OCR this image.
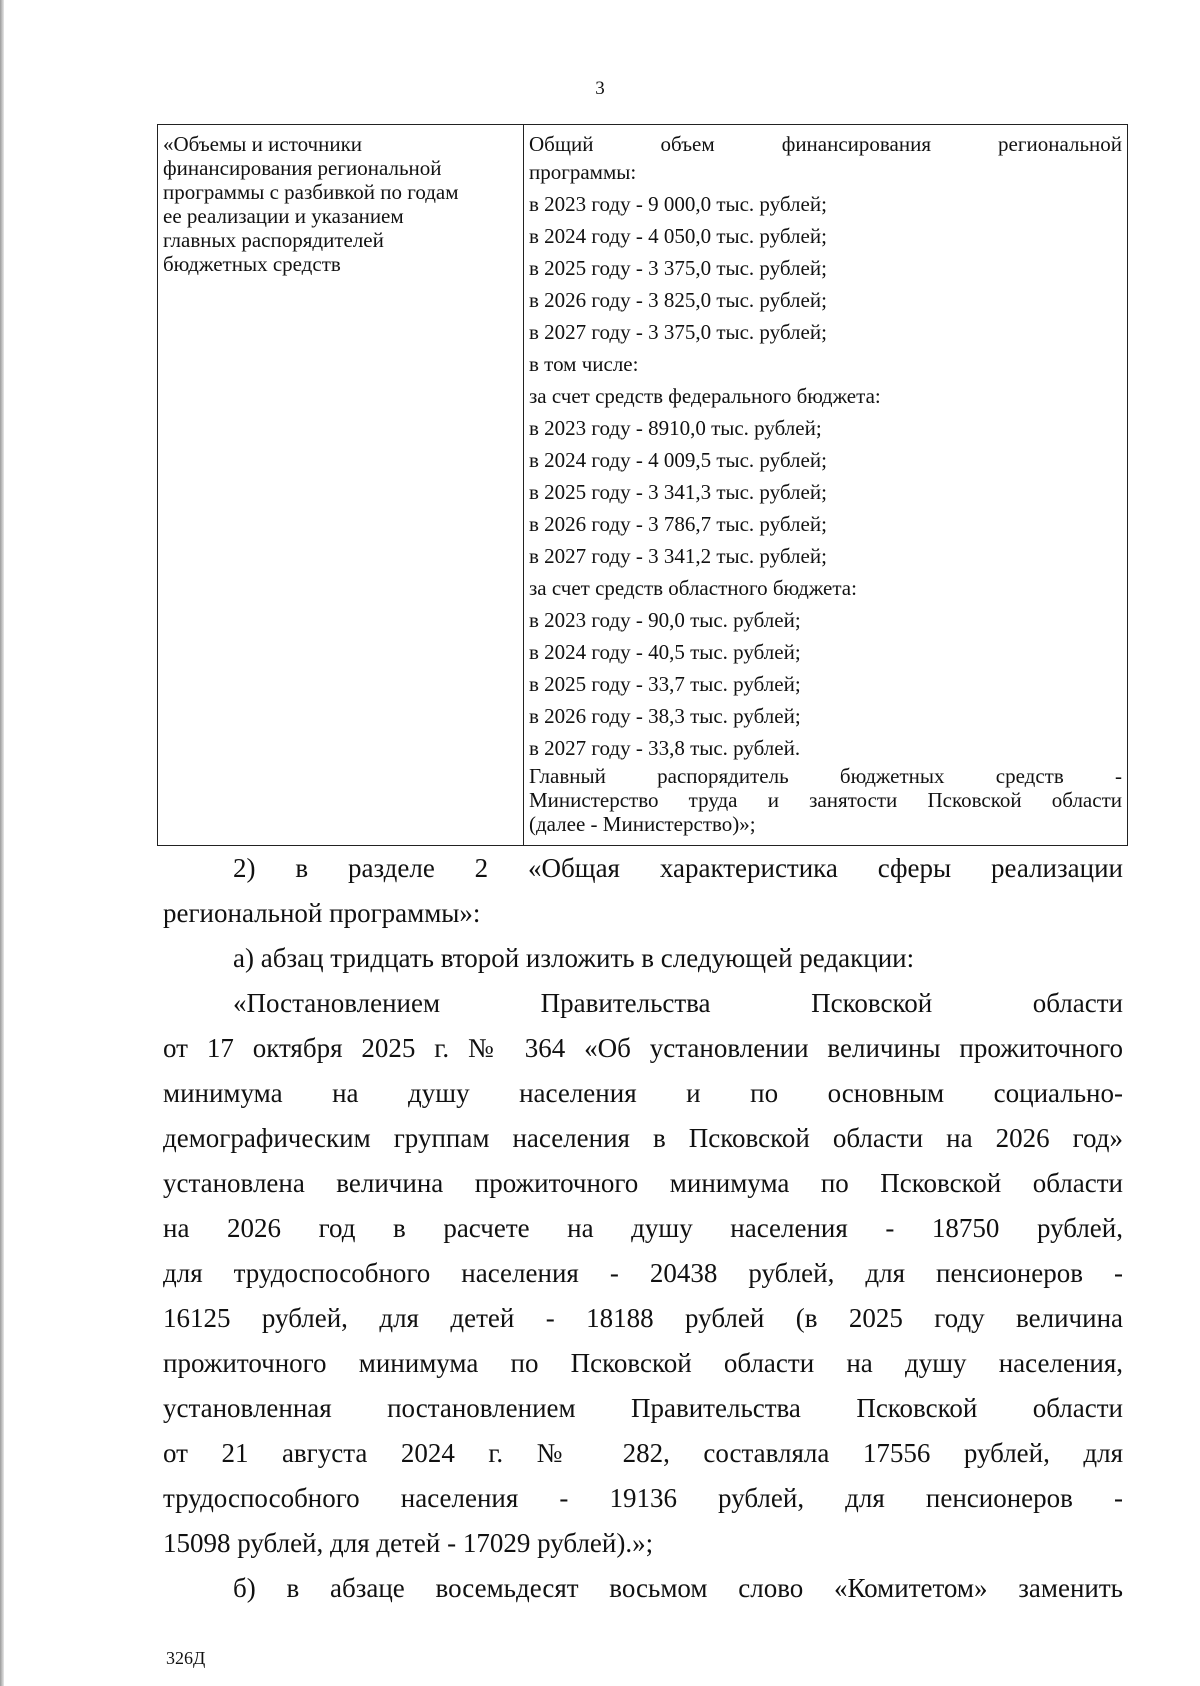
3
«Объемы и источники
финансирования региональной
программы с разбивкой по годам
ее реализации и указанием
главных распорядителей
бюджетных средств

Общий объем финансирования региональной
программы:
в 2023 году - 9 000,0 тыс. рублей;
в 2024 году - 4 050,0 тыс. рублей;
в 2025 году - 3 375,0 тыс. рублей;
в 2026 году - 3 825,0 тыс. рублей;
в 2027 году - 3 375,0 тыс. рублей;
в том числе:
за счет средств федерального бюджета:
в 2023 году - 8910,0 тыс. рублей;
в 2024 году - 4 009,5 тыс. рублей;
в 2025 году - 3 341,3 тыс. рублей;
в 2026 году - 3 786,7 тыс. рублей;
в 2027 году - 3 341,2 тыс. рублей;
за счет средств областного бюджета:
в 2023 году - 90,0 тыс. рублей;
в 2024 году - 40,5 тыс. рублей;
в 2025 году - 33,7 тыс. рублей;
в 2026 году - 38,3 тыс. рублей;
в 2027 году - 33,8 тыс. рублей.
Главный распорядитель бюджетных средств -
Министерство труда и занятости Псковской области
(далее - Министерство)»;
2) в разделе 2 «Общая характеристика сферы реализации
региональной программы»:
а) абзац тридцать второй изложить в следующей редакции:
«Постановлением Правительства Псковской области
от 17 октября 2025 г. № 364 «Об установлении величины прожиточного
минимума на душу населения и по основным социально-
демографическим группам населения в Псковской области на 2026 год»
установлена величина прожиточного минимума по Псковской области
на 2026 год в расчете на душу населения - 18750 рублей,
для трудоспособного населения - 20438 рублей, для пенсионеров -
16125 рублей, для детей - 18188 рублей (в 2025 году величина
прожиточного минимума по Псковской области на душу населения,
установленная постановлением Правительства Псковской области
от 21 августа 2024 г. № 282, составляла 17556 рублей, для
трудоспособного населения - 19136 рублей, для пенсионеров -
15098 рублей, для детей - 17029 рублей).»;
б) в абзаце восемьдесят восьмом слово «Комитетом» заменить
326Д
